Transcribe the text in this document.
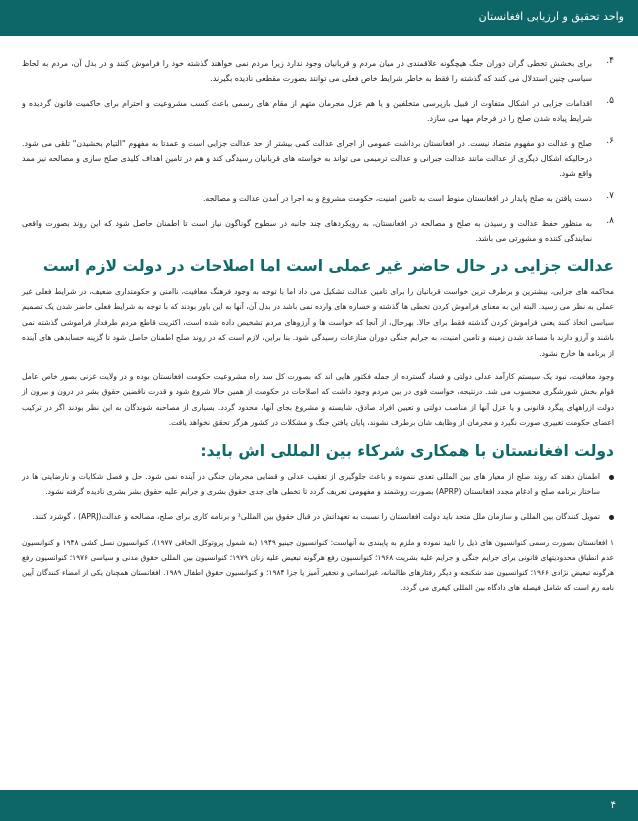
واحد تحقیق و ارزیابی افغانستان
۴.
برای بخشش تخطی گران دوران جنگ هیچگونه علاقمندی در میان مردم و قربانیان وجود ندارد زیرا مردم نمی خواهند گذشته خود را فراموش کنند و در بدل آن، مردم به لحاظ سیاسی چنین استدلال می کنند که گذشته را فقط به خاطر شرایط خاص فعلی می توانند بصورت مقطعی نادیده بگیرند.
۵.
اقدامات جزایی در اشکال متفاوت از قبیل بازپرسی متخلفین و یا هم عزل مجرمان متهم از مقام های رسمی باعث کسب مشروعیت و احترام برای حاکمیت قانون گردیده و شرایط پیاده شدن صلح را در فرجام مهیا می سازد.
۶.
صلح و عدالت دو مفهوم متضاد نیست. در افغانستان برداشت عمومی از اجرای عدالت کمی بیشتر از حد عدالت جزایی است و عمدتا به مفهوم "التیام بخشیدن" تلقی می شود. درحالیکه اشکال دیگری از عدالت مانند عدالت جبرانی و عدالت ترمیمی می تواند به خواسته های قربانیان رسیدگی کند و هم در تامین اهداف کلیدی صلح سازی و مصالحه نیز ممد واقع شود.
۷.
دست یافتن به صلح پایدار در افغانستان منوط است به تامین امنیت، حکومت مشروع و به اجرا در آمدن عدالت و مصالحه.
۸.
به منظور حفظ عدالت و رسیدن به صلح و مصالحه در افغانستان، به رویکردهای چند جانبه در سطوح گوناگون نیاز است تا اطمنان حاصل شود که این روند بصورت واقعی نمایندگی کننده و مشورتی می باشد.
عدالت جزایی در حال حاضر غیر عملی است اما اصلاحات در دولت لازم است
محاکمه های جزایی، بیشترین و برطرف ترین خواست قربانیان را برای تامین عدالت تشکیل می داد اما با توجه به وجود فرهنگ معافیت، ناامنی و حکومتداری ضعیف، در شرایط فعلی غیر عملی به نظر می رسید. البته این به معنای فراموش کردن تخطی ها گذشته و خساره های وارده نمی باشد در بدل آن، آنها به این باور بودند که با توجه به شرایط فعلی حاضر شدن یک تصمیم سیاسی اتخاذ کنند یعنی فراموش کردن گذشته فقط برای حالا. بهرحال، از آنجا که خواست ها و آرزوهای مردم تشخیص داده شده است، اکثریت قاطع مردم طرفدار فراموشی گذشته نمی باشند و آرزو دارند با مساعد شدن زمینه و تامین امنیت، به جرایم جنگی دوران منازعات رسیدگی شود. بنا براین، لازم است که در روند صلح اطمنان حاصل شود تا گزینه حسابدهی های آینده از برنامه ها خارج نشود.
وجود معافیت، نبود یک سیستم کارآمد عدلی دولتی و فساد گسترده از جمله فکتور هایی اند که بصورت کل سد راه مشروعیت حکومت افغانستان بوده و در ولایت غزنی بصور خاص عامل قوام بخش شورشگری محسوب می شد. درنتیجه، خواست قوی در بین مردم وجود داشت که اصلاحات در حکومت از همین حالا شروع شود و قدرت ناقضین حقوق بشر در درون و بیرون از دولت ازراههای پیگرد قانونی و یا عزل آنها از مناصب دولتی و تعیین افراد صادق، شایسته و مشروع بجای آنها، محدود گردد. بسیاری از مصاحبه شوندگان به این نظر بودند اگر در ترکیب اعضای حکومت تغییری صورت نگیرد و مجرمان از وظایف شان برطرف نشوند، پایان یافتن جنگ و مشکلات در کشور هرگز تحقق نخواهد یافت.
دولت افغانستان با همکاری شرکاء بین المللی اش باید:
اطمنان دهند که روند صلح از معیار های بین المللی تعدی ننموده و باعث جلوگیری از تعقیب عدلی و قضایی مجرمان جنگی در آینده نمی شود. حل و فصل شکایات و نارضایتی ها در ساختار برنامه صلح و ادغام مجدد افغانستان (APRP) بصورت روشمند و مفهومی تعریف گردد تا تخطی های جدی حقوق بشری و جرایم علیه حقوق بشر بشری نادیده گرفته نشود.
تمویل کنندگان بین المللی و سازمان ملل متحد باید دولت افغانستان را نسبت به تعهداتش در قبال حقوق بین المللی¹ و برنامه کاری برای صلح، مصالحه و عدالت(APRJ) ، گوشزد کنند.
۱ افغانستان بصورت رسمی کنوانسیون های ذیل را تایید نموده و ملزم به پایبندی به آنهاست: کنوانسیون جینیو ۱۹۴۹ (به شمول پروتوکل الحاقی ۱۹۷۷)، کنوانسیون نسل کشی ۱۹۴۸ و کنوانسیون عدم انطباق محدودیتهای قانونی برای جرایم جنگی و جرایم علیه بشریت ۱۹۶۸؛ کنوانسیون رفع هرگونه تبعیض علیه زنان ۱۹۷۹؛ کنوانسیون بین المللی حقوق مدنی و سیاسی ۱۹۷۶؛ کنوانسیون رفع هرگونه تبعیض نژادی ۱۹۶۶؛ کنوانسیون ضد شکنجه و دیگر رفتارهای ظالمانه، غیرانسانی و تحقیر آمیز یا جزا ۱۹۸۴؛ و کنوانسیون حقوق اطفال ۱۹۸۹. افغانستان همچنان یکی از امضاء کنندگان آیین نامه رم است که شامل فیصله های دادگاه بین المللی کیفری می گردد.
۴
